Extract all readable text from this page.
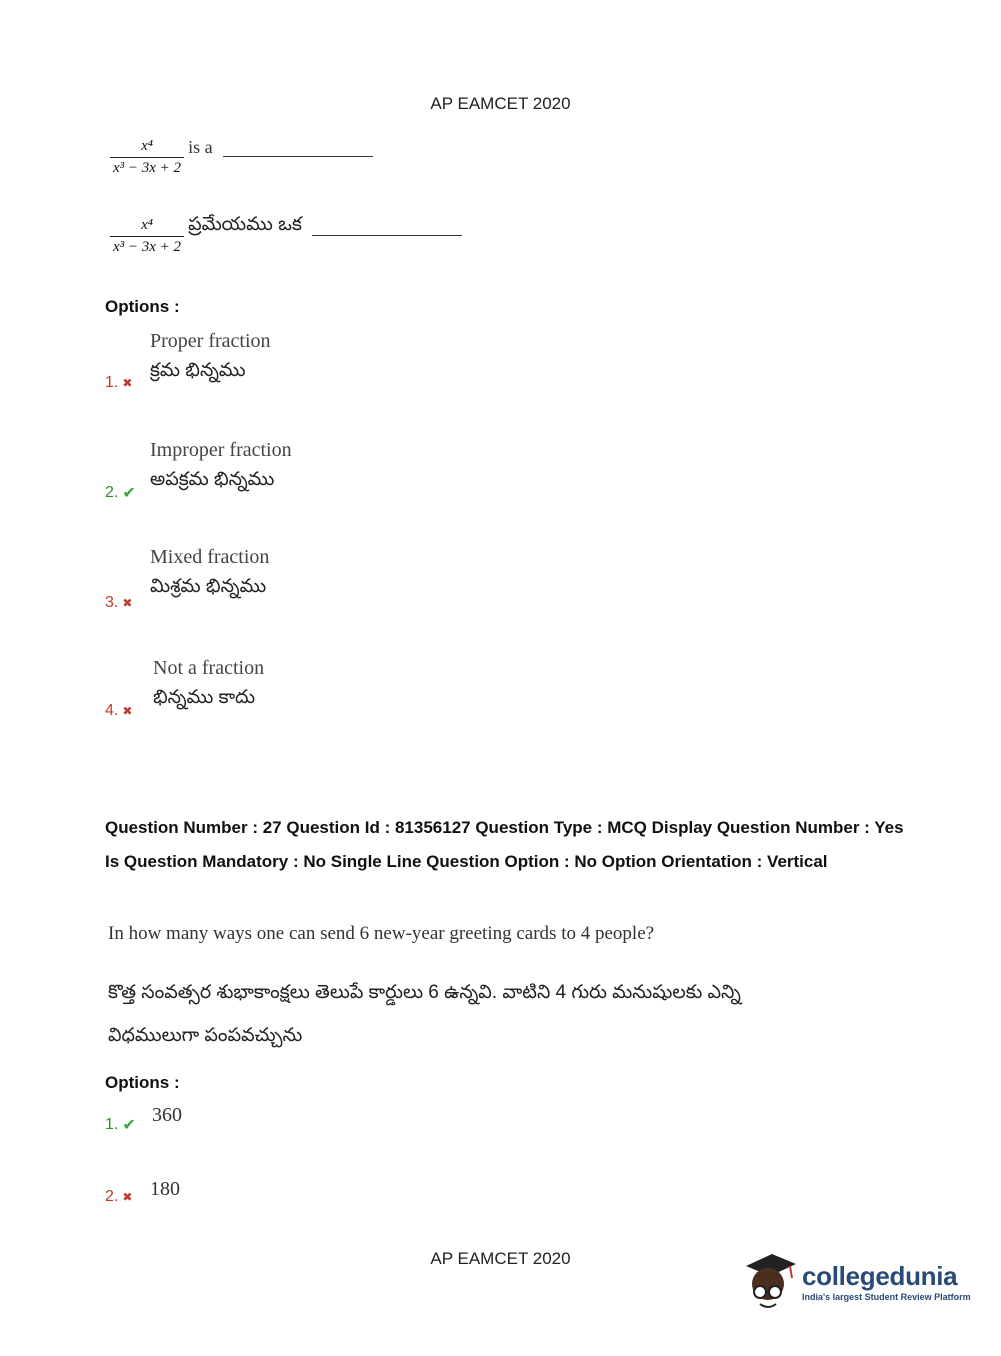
AP EAMCET 2020
$\frac{\text{x⁴}}{\text{x³ − 3x + 2}}$ is a
$\frac{\text{x⁴}}{\text{x³ − 3x + 2}}$ ప్రమేయము ఒక
Options :
Proper fraction
క్రమ భిన్నము
1. ✖
Improper fraction
అపక్రమ భిన్నము
2. ✔
Mixed fraction
మిశ్రమ భిన్నము
3. ✖
Not a fraction
భిన్నము కాదు
4. ✖
Question Number : 27 Question Id : 81356127 Question Type : MCQ Display Question Number : Yes Is Question Mandatory : No Single Line Question Option : No Option Orientation : Vertical
In how many ways one can send 6 new-year greeting cards to 4 people?
కొత్త సంవత్సర శుభాకాంక్షలు తెలుపే కార్డులు 6 ఉన్నవి. వాటిని 4 గురు మనుషులకు ఎన్ని
విధములుగా పంపవచ్చును
Options :
1. ✔ 360
2. ✖ 180
AP EAMCET 2020
collegedunia
India's largest Student Review Platform
